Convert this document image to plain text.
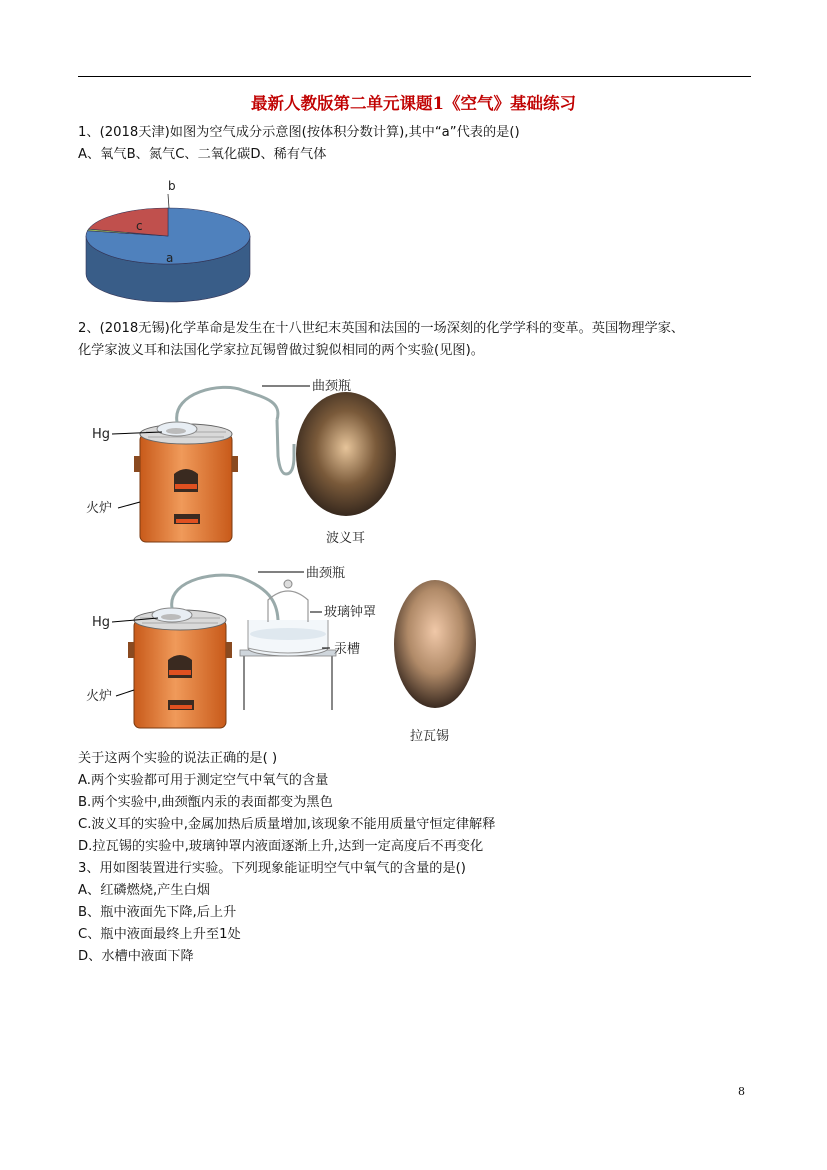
最新人教版第二单元课题1《空气》基础练习
1、(2018天津)如图为空气成分示意图(按体积分数计算),其中“a”代表的是()
A、氧气B、氮气C、二氧化碳D、稀有气体
a
b
c
2、(2018无锡)化学革命是发生在十八世纪末英国和法国的一场深刻的化学学科的变革。英国物理学家、
化学家波义耳和法国化学家拉瓦锡曾做过貌似相同的两个实验(见图)。
曲颈瓶
Hg
火炉
波义耳
曲颈瓶
玻璃钟罩
汞槽
Hg
火炉
拉瓦锡
关于这两个实验的说法正确的是( )
A.两个实验都可用于测定空气中氧气的含量
B.两个实验中,曲颈甑内汞的表面都变为黑色
C.波义耳的实验中,金属加热后质量增加,该现象不能用质量守恒定律解释
D.拉瓦锡的实验中,玻璃钟罩内液面逐渐上升,达到一定高度后不再变化
3、用如图装置进行实验。下列现象能证明空气中氧气的含量的是()
A、红磷燃烧,产生白烟
B、瓶中液面先下降,后上升
C、瓶中液面最终上升至1处
D、水槽中液面下降
8
